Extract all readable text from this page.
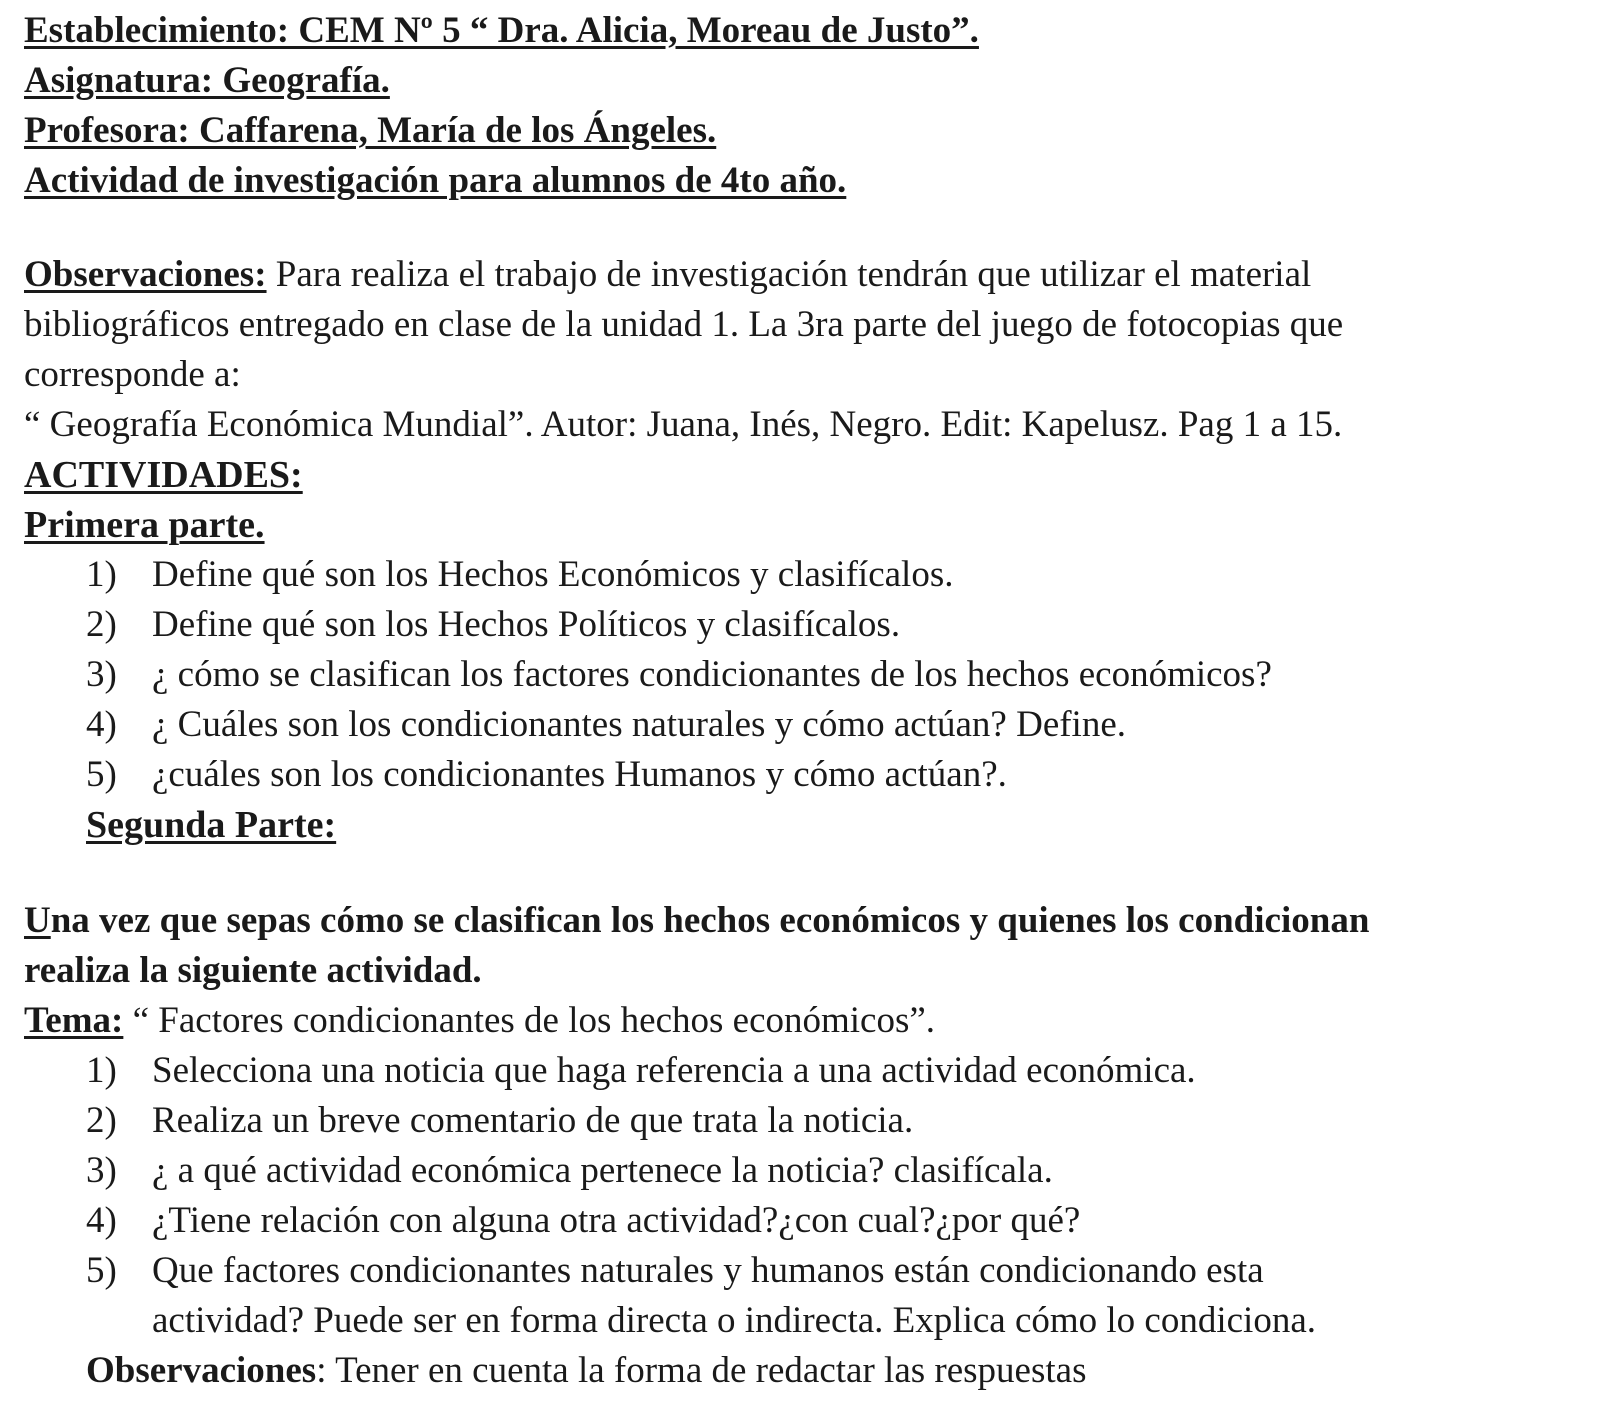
Establecimiento: CEM Nº 5 “ Dra. Alicia, Moreau de Justo”.
Asignatura: Geografía.
Profesora: Caffarena, María de los Ángeles.
Actividad de investigación para alumnos de 4to año.
Observaciones: Para realiza el trabajo de investigación tendrán que utilizar el material
bibliográficos entregado en clase de la unidad 1. La 3ra parte del juego de fotocopias que
corresponde a:
“ Geografía Económica Mundial”. Autor: Juana, Inés, Negro. Edit: Kapelusz. Pag 1 a 15.
ACTIVIDADES:
Primera parte.
1) Define qué son los Hechos Económicos y clasifícalos.
2) Define qué son los Hechos Políticos y clasifícalos.
3) ¿ cómo se clasifican los factores condicionantes de los hechos económicos?
4) ¿ Cuáles son los condicionantes naturales y cómo actúan? Define.
5) ¿cuáles son los condicionantes Humanos y cómo actúan?.
Segunda Parte:
Una vez que sepas cómo se clasifican los hechos económicos y quienes los condicionan
realiza la siguiente actividad.
Tema: “ Factores condicionantes de los hechos económicos”.
1) Selecciona una noticia que haga referencia a una actividad económica.
2) Realiza un breve comentario de que trata la noticia.
3) ¿ a qué actividad económica pertenece la noticia? clasifícala.
4) ¿Tiene relación con alguna otra actividad?¿con cual?¿por qué?
5) Que factores condicionantes naturales y humanos están condicionando esta
actividad? Puede ser en forma directa o indirecta. Explica cómo lo condiciona.
Observaciones: Tener en cuenta la forma de redactar las respuestas
